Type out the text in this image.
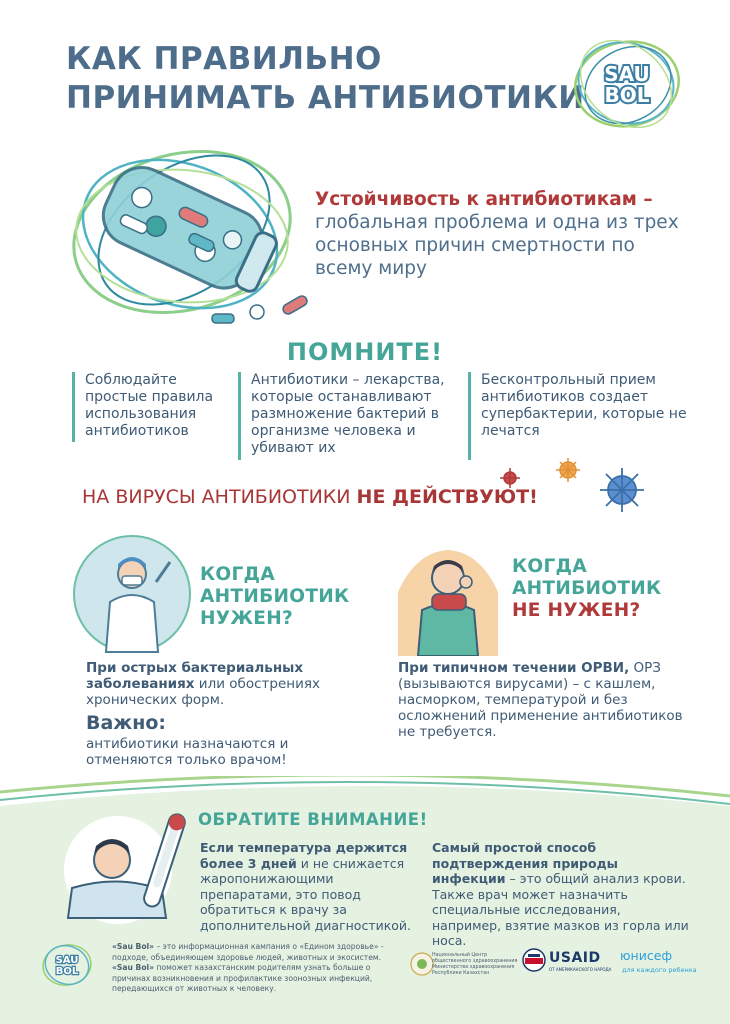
КАК ПРАВИЛЬНО
ПРИНИМАТЬ АНТИБИОТИКИ
SAU
BOL
Устойчивость к антибиотикам – глобальная проблема и одна из трех основных причин смертности по всему миру
ПОМНИТЕ!
Соблюдайте простые правила использования антибиотиков
Антибиотики – лекарства, которые останавливают размножение бактерий в организме человека и убивают их
Бесконтрольный прием антибиотиков создает супербактерии, которые не лечатся
НА ВИРУСЫ АНТИБИОТИКИ НЕ ДЕЙСТВУЮТ!
КОГДА
АНТИБИОТИК
НУЖЕН?
КОГДА
АНТИБИОТИК
НЕ НУЖЕН?
При острых бактериальных заболеваниях или обострениях хронических форм.
Важно:
антибиотики назначаются и отменяются только врачом!
При типичном течении ОРВИ, ОРЗ (вызываются вирусами) – с кашлем, насморком, температурой и без осложнений применение антибиотиков не требуется.
ОБРАТИТЕ ВНИМАНИЕ!
Если температура держится более 3 дней и не снижается жаропонижающими препаратами, это повод обратиться к врачу за дополнительной диагностикой.
Самый простой способ подтверждения природы инфекции – это общий анализ крови. Также врач может назначить специальные исследования, например, взятие мазков из горла или носа.
SAU
BOL
«Sau Bol» – это информационная кампания о «Едином здоровье» - подходе, объединяющем здоровье людей, животных и экосистем. «Sau Bol» поможет казахстанским родителям узнать больше о причинах возникновения и профилактике зоонозных инфекций, передающихся от животных к человеку.
Национальный Центр общественного здравоохранения Министерства здравоохранения Республики Казахстан
USAID
ОТ АМЕРИКАНСКОГО НАРОДА
юнисеф
для каждого ребенка
